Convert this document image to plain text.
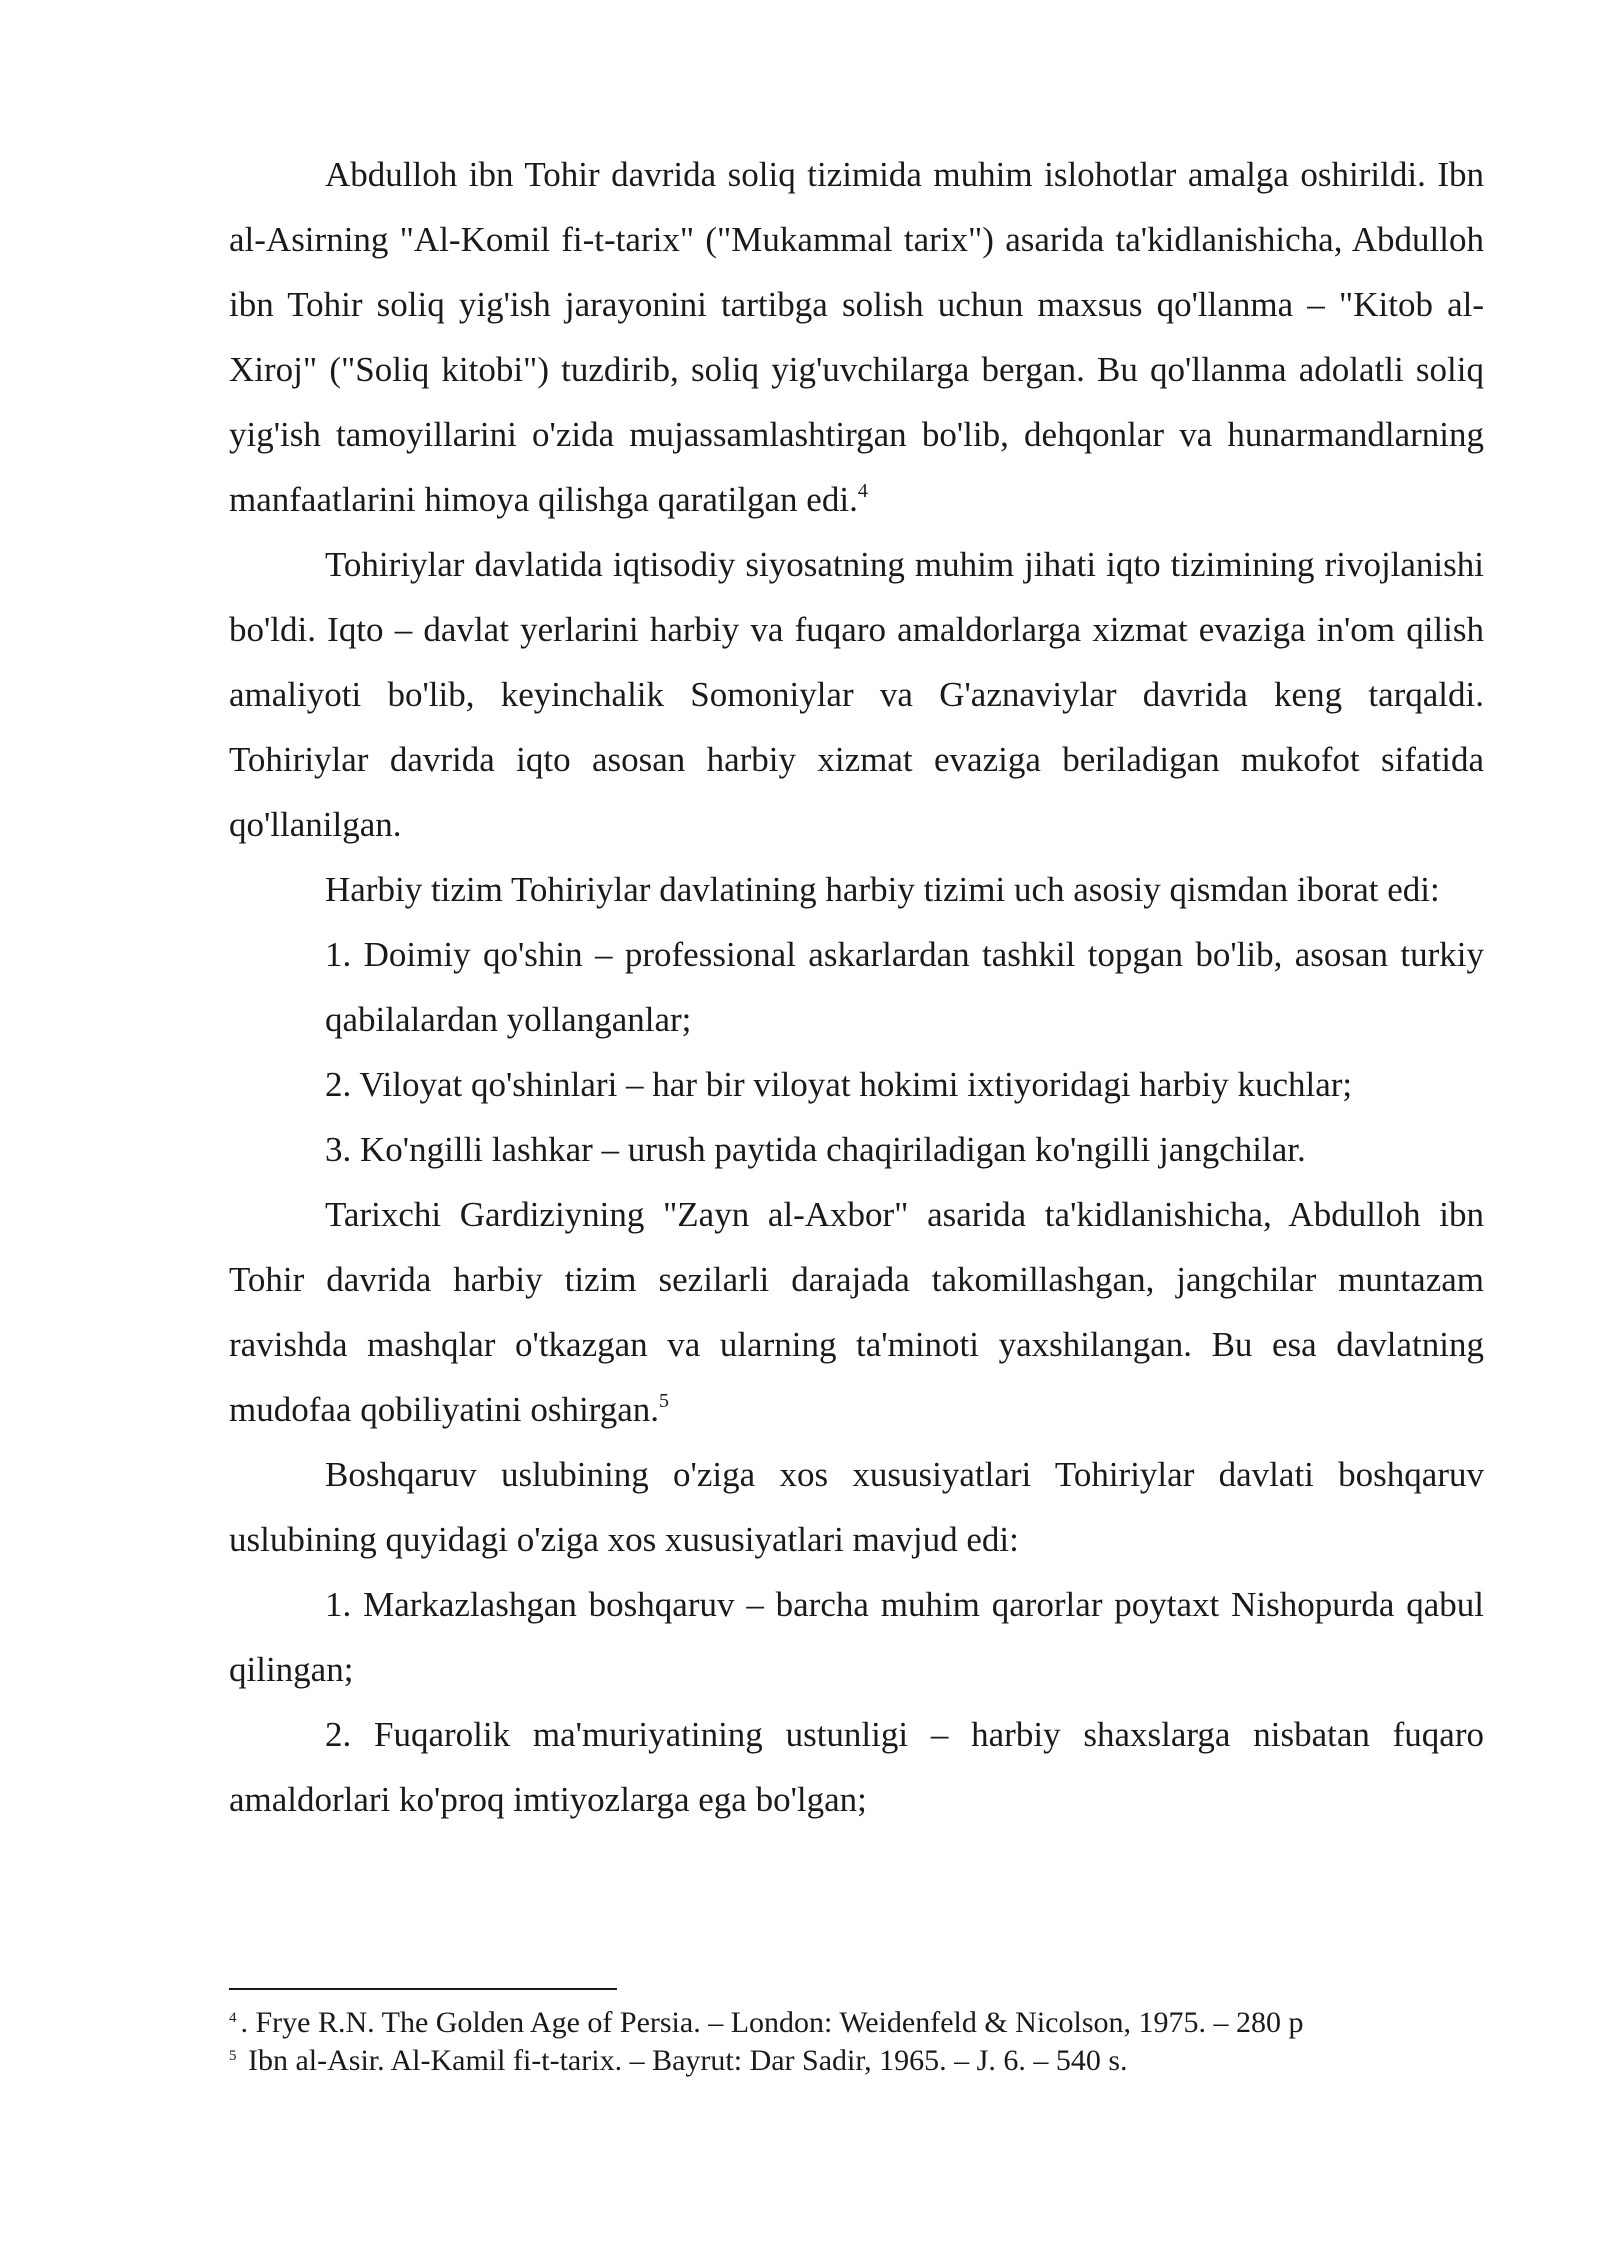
Abdulloh ibn Tohir davrida soliq tizimida muhim islohotlar amalga oshirildi. Ibn al-Asirning "Al-Komil fi-t-tarix" ("Mukammal tarix") asarida ta'kidlanishicha, Abdulloh ibn Tohir soliq yig'ish jarayonini tartibga solish uchun maxsus qo'llanma – "Kitob al-Xiroj" ("Soliq kitobi") tuzdirib, soliq yig'uvchilarga bergan. Bu qo'llanma adolatli soliq yig'ish tamoyillarini o'zida mujassamlashtirgan bo'lib, dehqonlar va hunarmandlarning manfaatlarini himoya qilishga qaratilgan edi.$^4$

Tohiriylar davlatida iqtisodiy siyosatning muhim jihati iqto tizimining rivojlanishi bo'ldi. Iqto – davlat yerlarini harbiy va fuqaro amaldorlarga xizmat evaziga in'om qilish amaliyoti bo'lib, keyinchalik Somoniylar va G'aznaviylar davrida keng tarqaldi. Tohiriylar davrida iqto asosan harbiy xizmat evaziga beriladigan mukofot sifatida qo'llanilgan.

Harbiy tizim Tohiriylar davlatining harbiy tizimi uch asosiy qismdan iborat edi:

1. Doimiy qo'shin – professional askarlardan tashkil topgan bo'lib, asosan turkiy qabilalardan yollanganlar;

2. Viloyat qo'shinlari – har bir viloyat hokimi ixtiyoridagi harbiy kuchlar;

3. Ko'ngilli lashkar – urush paytida chaqiriladigan ko'ngilli jangchilar.

Tarixchi Gardiziyning "Zayn al-Axbor" asarida ta'kidlanishicha, Abdulloh ibn Tohir davrida harbiy tizim sezilarli darajada takomillashgan, jangchilar muntazam ravishda mashqlar o'tkazgan va ularning ta'minoti yaxshilangan. Bu esa davlatning mudofaa qobiliyatini oshirgan.$^5$

Boshqaruv uslubining o'ziga xos xususiyatlari Tohiriylar davlati boshqaruv uslubining quyidagi o'ziga xos xususiyatlari mavjud edi:

1. Markazlashgan boshqaruv – barcha muhim qarorlar poytaxt Nishopurda qabul qilingan;

2. Fuqarolik ma'muriyatining ustunligi – harbiy shaxslarga nisbatan fuqaro amaldorlari ko'proq imtiyozlarga ega bo'lgan;

$^4$ . Frye R.N. The Golden Age of Persia. – London: Weidenfeld & Nicolson, 1975. – 280 p

$^5$ Ibn al-Asir. Al-Kamil fi-t-tarix. – Bayrut: Dar Sadir, 1965. – J. 6. – 540 s.
